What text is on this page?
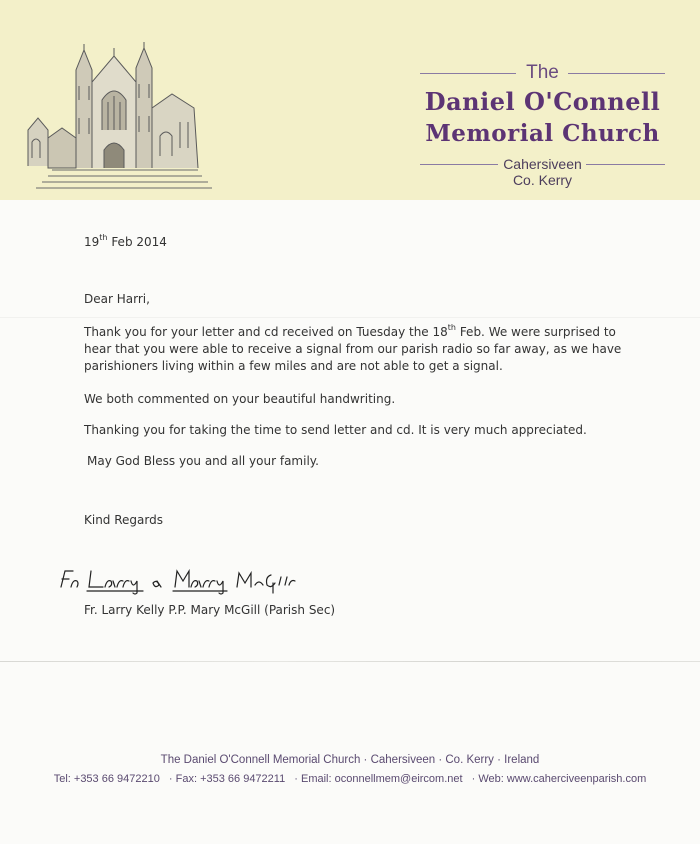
The
Daniel O'Connell
Memorial Church
Cahersiveen
Co. Kerry
19th Feb 2014
Dear Harri,
Thank you for your letter and cd received on Tuesday the 18th Feb. We were surprised to hear that you were able to receive a signal from our parish radio so far away, as we have parishioners living within a few miles and are not able to get a signal.
We both commented on your beautiful handwriting.
Thanking you for taking the time to send letter and cd. It is very much appreciated.
May God Bless you and all your family.
Kind Regards
Fr. Larry Kelly P.P. Mary McGill (Parish Sec)
The Daniel O'Connell Memorial Church · Cahersiveen · Co. Kerry · Ireland
Tel: +353 66 9472210 · Fax: +353 66 9472211 · Email: oconnellmem@eircom.net · Web: www.caherciveenparish.com
